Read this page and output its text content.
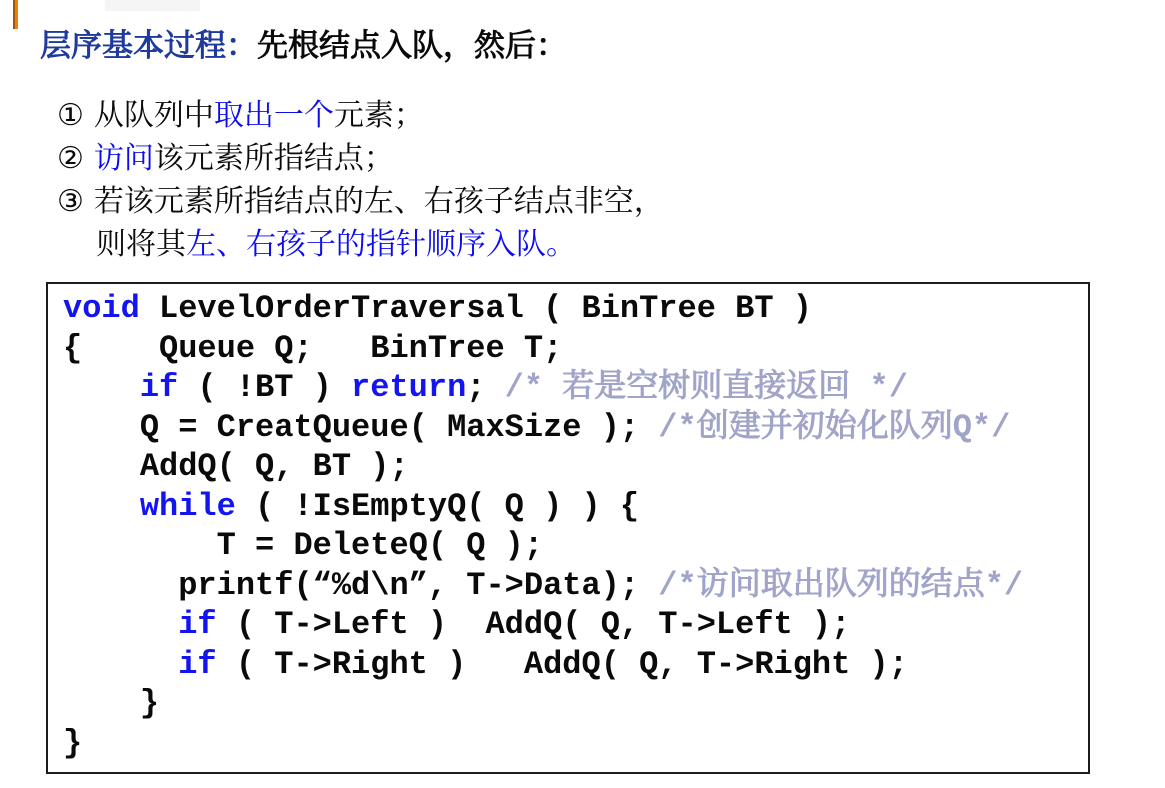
层序基本过程：先根结点入队，然后：
① 从队列中取出一个元素；
② 访问该元素所指结点；
③ 若该元素所指结点的左、右孩子结点非空，
则将其左、右孩子的指针顺序入队。
void LevelOrderTraversal ( BinTree BT )
{    Queue Q;   BinTree T;
if ( !BT ) return; /* 若是空树则直接返回 */
Q = CreatQueue( MaxSize ); /*创建并初始化队列Q*/
AddQ( Q, BT );
while ( !IsEmptyQ( Q ) ) {
T = DeleteQ( Q );
printf(“%d\n”, T->Data); /*访问取出队列的结点*/
if ( T->Left )  AddQ( Q, T->Left );
if ( T->Right )   AddQ( Q, T->Right );
}
}
